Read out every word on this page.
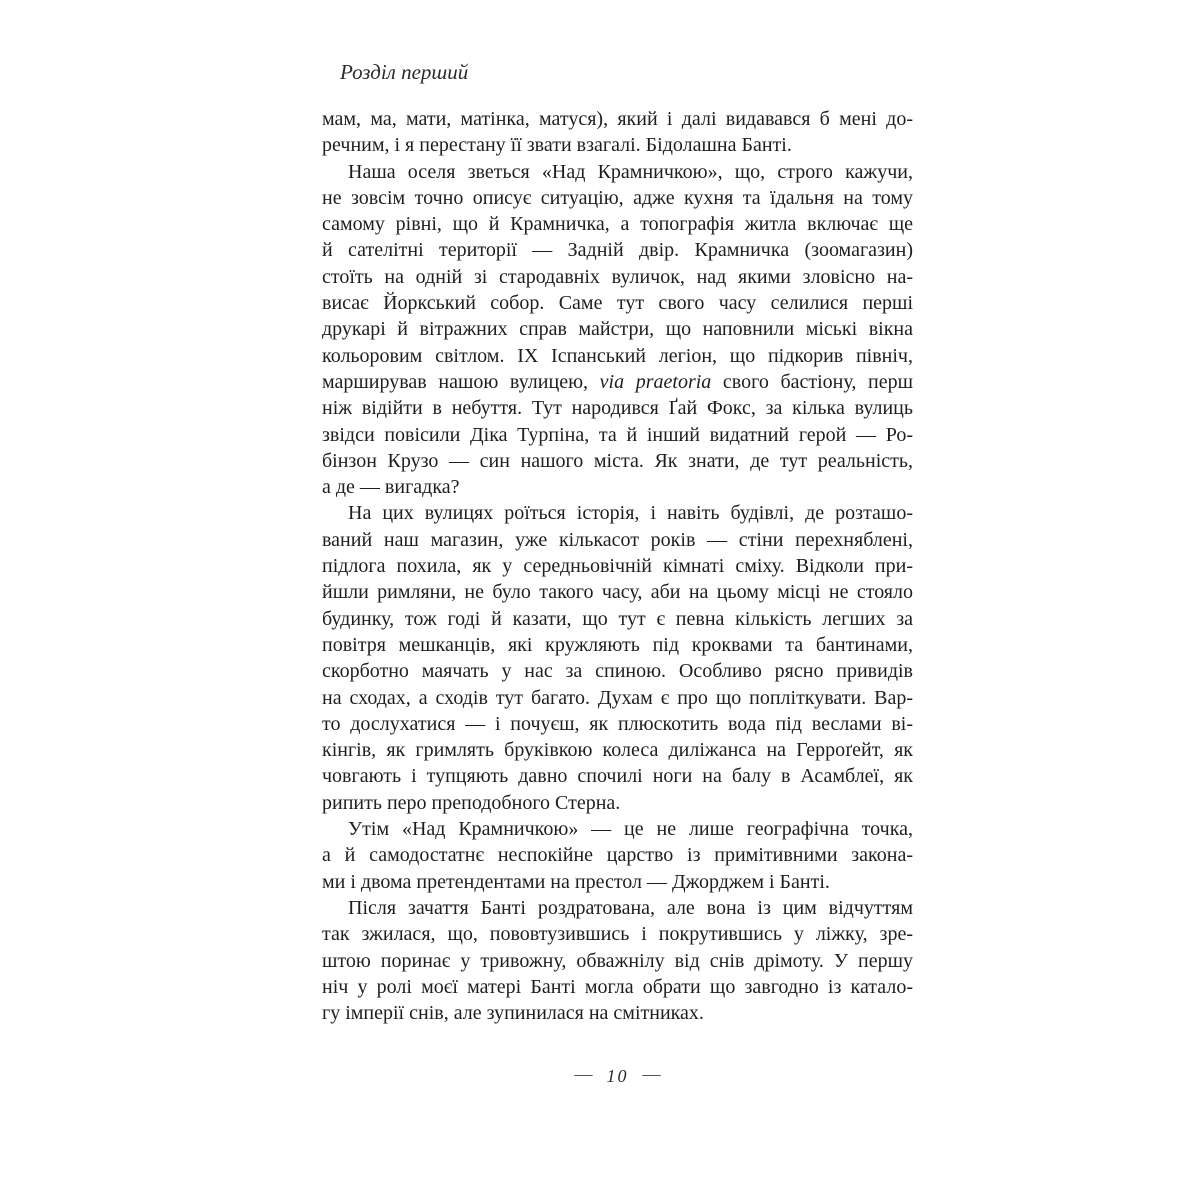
Розділ перший
мам, ма, мати, матінка, матуся), який і далі видавався б мені до-
речним, і я перестану її звати взагалі. Бідолашна Банті.
Наша оселя зветься «Над Крамничкою», що, строго кажучи,
не зовсім точно описує ситуацію, адже кухня та їдальня на тому
самому рівні, що й Крамничка, а топографія житла включає ще
й сателітні території — Задній двір. Крамничка (зоомагазин)
стоїть на одній зі стародавніх вуличок, над якими зловісно на-
висає Йоркський собор. Саме тут свого часу селилися перші
друкарі й вітражних справ майстри, що наповнили міські вікна
кольоровим світлом. IX Іспанський легіон, що підкорив північ,
марширував нашою вулицею, via praetoria свого бастіону, перш
ніж відійти в небуття. Тут народився Ґай Фокс, за кілька вулиць
звідси повісили Діка Турпіна, та й інший видатний герой — Ро-
бінзон Крузо — син нашого міста. Як знати, де тут реальність,
а де — вигадка?
На цих вулицях роїться історія, і навіть будівлі, де розташо-
ваний наш магазин, уже кількасот років — стіни перехняблені,
підлога похила, як у середньовічній кімнаті сміху. Відколи при-
йшли римляни, не було такого часу, аби на цьому місці не стояло
будинку, тож годі й казати, що тут є певна кількість легших за
повітря мешканців, які кружляють під кроквами та бантинами,
скорботно маячать у нас за спиною. Особливо рясно привидів
на сходах, а сходів тут багато. Духам є про що попліткувати. Вар-
то дослухатися — і почуєш, як плюскотить вода під веслами ві-
кінгів, як гримлять бруківкою колеса диліжанса на Герроґейт, як
човгають і тупцяють давно спочилі ноги на балу в Асамблеї, як
рипить перо преподобного Стерна.
Утім «Над Крамничкою» — це не лише географічна точка,
а й самодостатнє неспокійне царство із примітивними закона-
ми і двома претендентами на престол — Джорджем і Банті.
Після зачаття Банті роздратована, але вона із цим відчуттям
так зжилася, що, пововтузившись і покрутившись у ліжку, зре-
штою поринає у тривожну, обважнілу від снів дрімоту. У першу
ніч у ролі моєї матері Банті могла обрати що завгодно із катало-
гу імперії снів, але зупинилася на смітниках.
— 10 —
